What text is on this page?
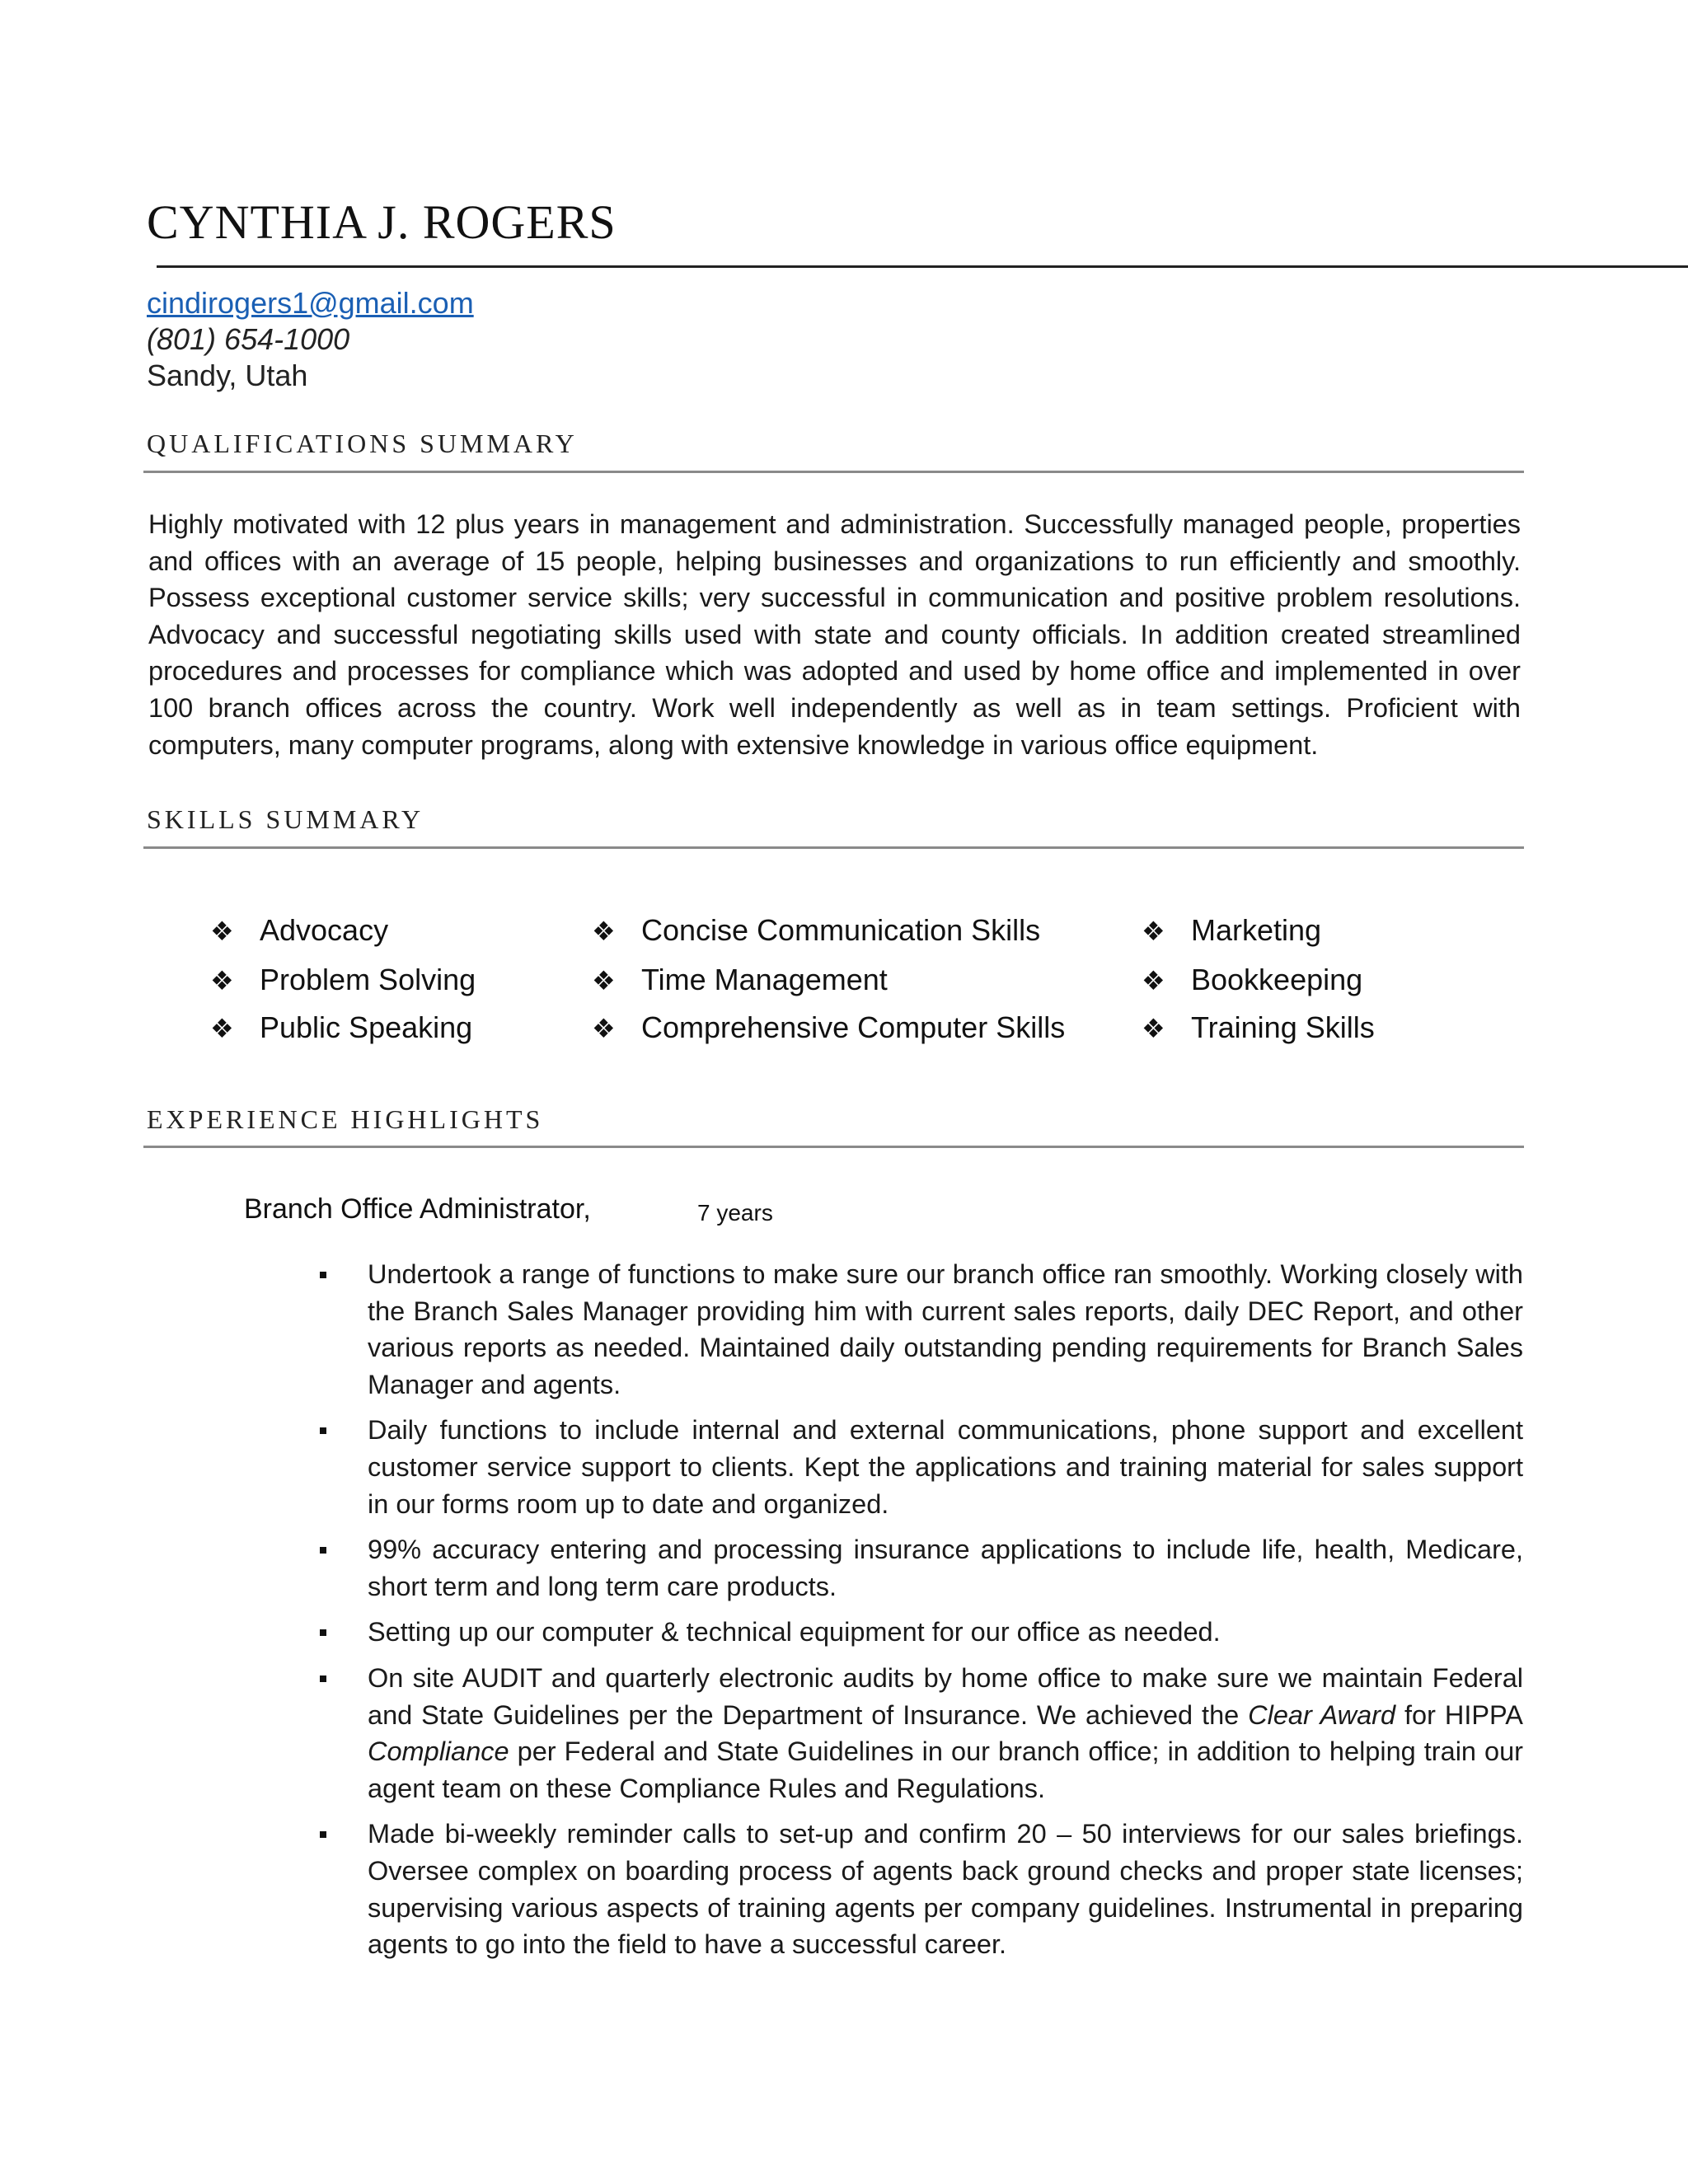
CYNTHIA J. ROGERS
cindirogers1@gmail.com
(801) 654-1000
Sandy, Utah
QUALIFICATIONS SUMMARY
Highly motivated with 12 plus years in management and administration. Successfully managed people, properties and offices with an average of 15 people, helping businesses and organizations to run efficiently and smoothly. Possess exceptional customer service skills; very successful in communication and positive problem resolutions. Advocacy and successful negotiating skills used with state and county officials. In addition created streamlined procedures and processes for compliance which was adopted and used by home office and implemented in over 100 branch offices across the country. Work well independently as well as in team settings. Proficient with computers, many computer programs, along with extensive knowledge in various office equipment.
SKILLS SUMMARY
❖ Advocacy
❖ Problem Solving
❖ Public Speaking
❖ Concise Communication Skills
❖ Time Management
❖ Comprehensive Computer Skills
❖ Marketing
❖ Bookkeeping
❖ Training Skills
EXPERIENCE HIGHLIGHTS
Branch Office Administrator,	7 years
Undertook a range of functions to make sure our branch office ran smoothly. Working closely with the Branch Sales Manager providing him with current sales reports, daily DEC Report, and other various reports as needed. Maintained daily outstanding pending requirements for Branch Sales Manager and agents.
Daily functions to include internal and external communications, phone support and excellent customer service support to clients. Kept the applications and training material for sales support in our forms room up to date and organized.
99% accuracy entering and processing insurance applications to include life, health, Medicare, short term and long term care products.
Setting up our computer & technical equipment for our office as needed.
On site AUDIT and quarterly electronic audits by home office to make sure we maintain Federal and State Guidelines per the Department of Insurance. We achieved the Clear Award for HIPPA Compliance per Federal and State Guidelines in our branch office; in addition to helping train our agent team on these Compliance Rules and Regulations.
Made bi-weekly reminder calls to set-up and confirm 20 – 50 interviews for our sales briefings. Oversee complex on boarding process of agents back ground checks and proper state licenses; supervising various aspects of training agents per company guidelines. Instrumental in preparing agents to go into the field to have a successful career.
